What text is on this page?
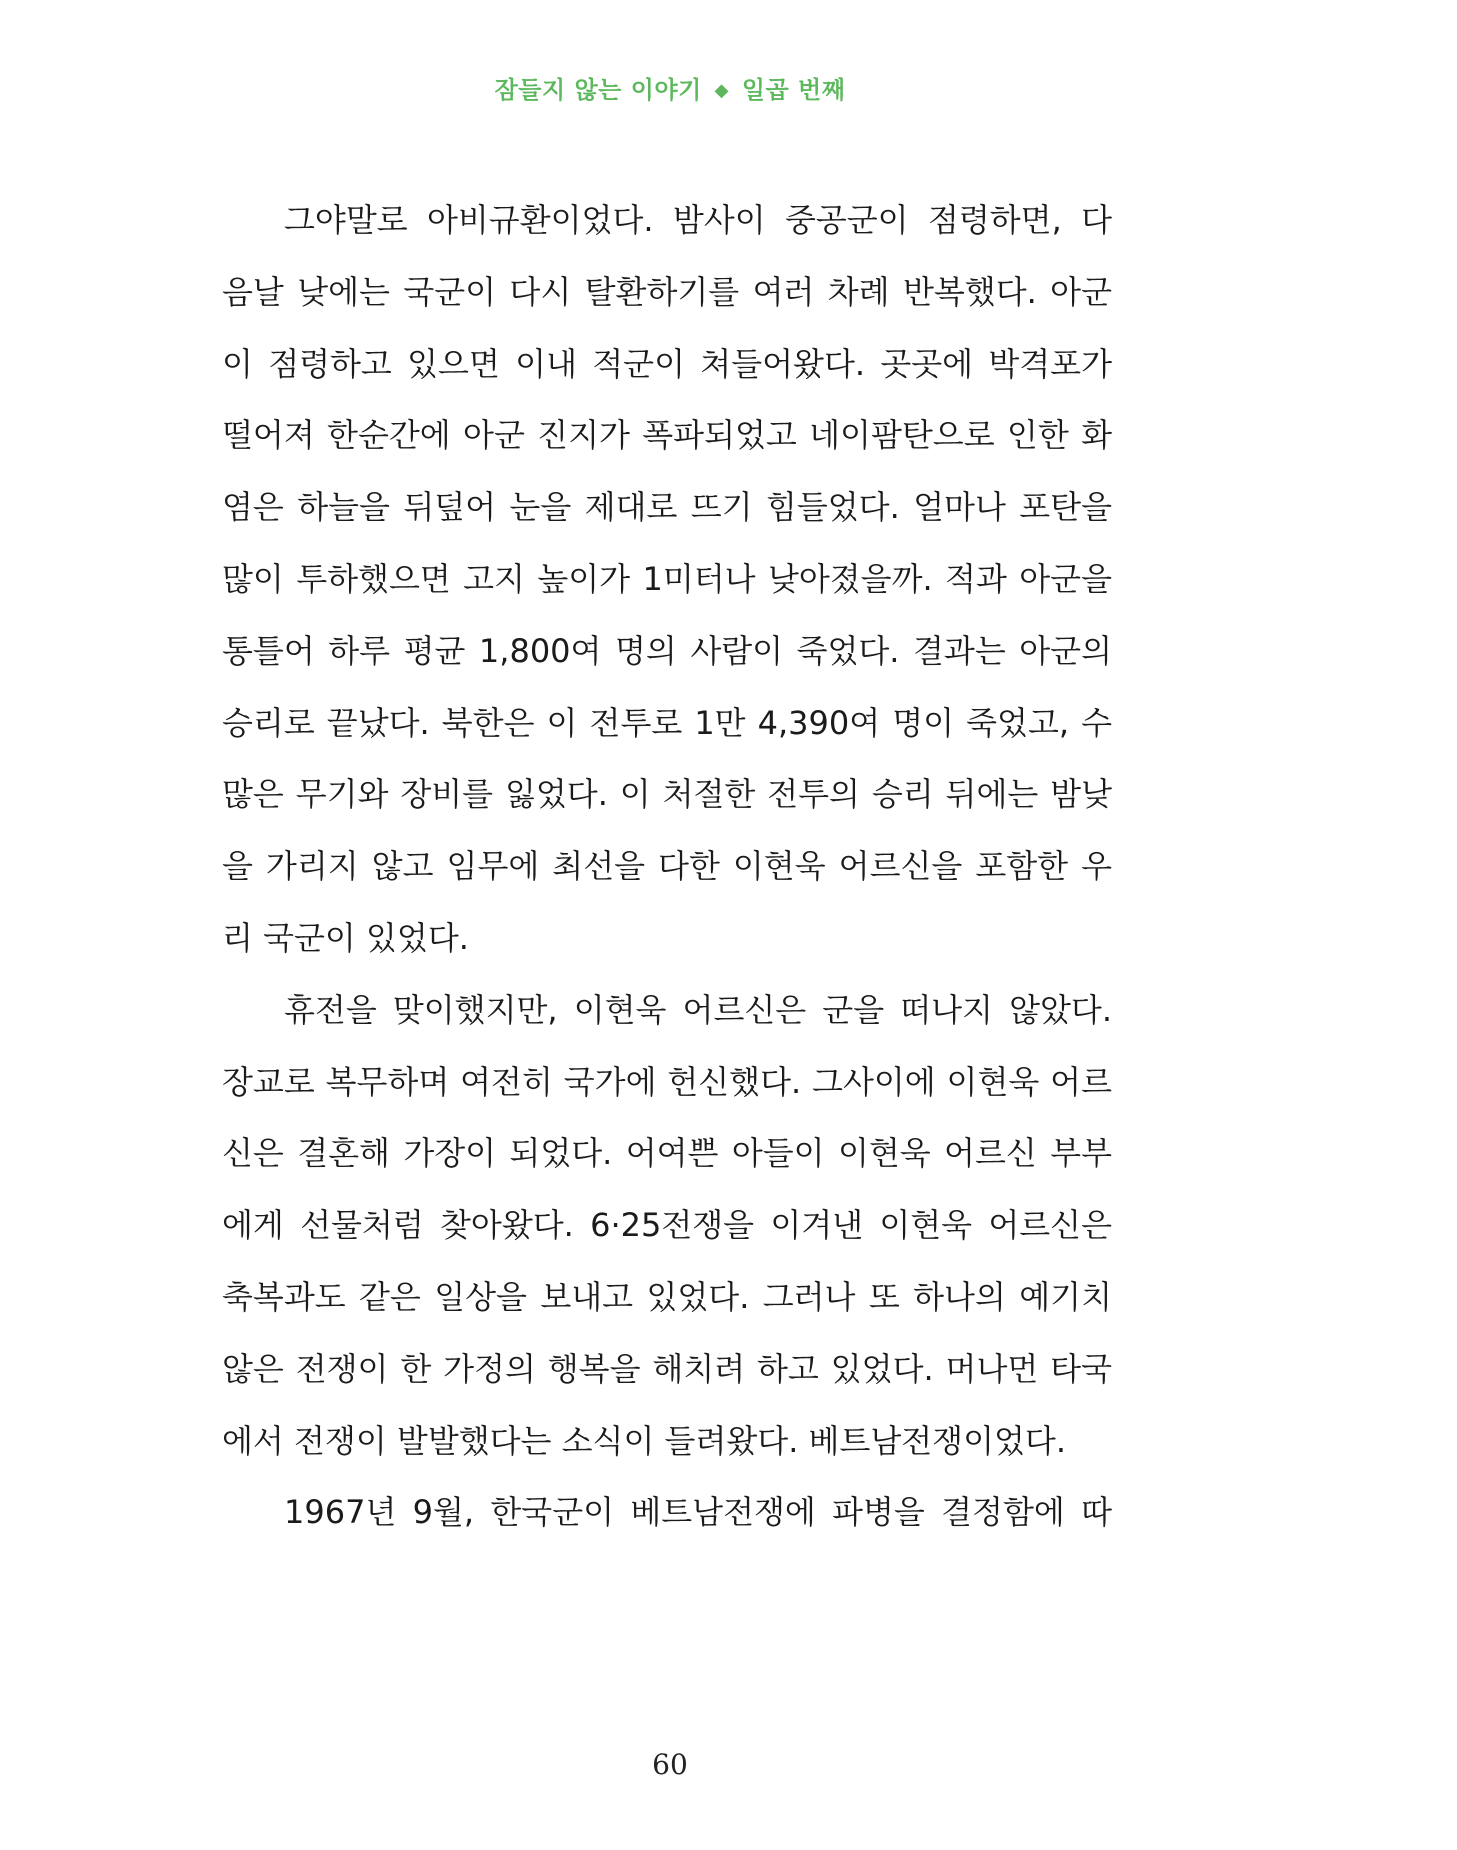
잠들지 않는 이야기 ◆ 일곱 번째
그야말로 아비규환이었다. 밤사이 중공군이 점령하면, 다
음날 낮에는 국군이 다시 탈환하기를 여러 차례 반복했다. 아군
이 점령하고 있으면 이내 적군이 쳐들어왔다. 곳곳에 박격포가
떨어져 한순간에 아군 진지가 폭파되었고 네이팜탄으로 인한 화
염은 하늘을 뒤덮어 눈을 제대로 뜨기 힘들었다. 얼마나 포탄을
많이 투하했으면 고지 높이가 1미터나 낮아졌을까. 적과 아군을
통틀어 하루 평균 1,800여 명의 사람이 죽었다. 결과는 아군의
승리로 끝났다. 북한은 이 전투로 1만 4,390여 명이 죽었고, 수
많은 무기와 장비를 잃었다. 이 처절한 전투의 승리 뒤에는 밤낮
을 가리지 않고 임무에 최선을 다한 이현욱 어르신을 포함한 우
리 국군이 있었다.
휴전을 맞이했지만, 이현욱 어르신은 군을 떠나지 않았다.
장교로 복무하며 여전히 국가에 헌신했다. 그사이에 이현욱 어르
신은 결혼해 가장이 되었다. 어여쁜 아들이 이현욱 어르신 부부
에게 선물처럼 찾아왔다. 6·25전쟁을 이겨낸 이현욱 어르신은
축복과도 같은 일상을 보내고 있었다. 그러나 또 하나의 예기치
않은 전쟁이 한 가정의 행복을 해치려 하고 있었다. 머나먼 타국
에서 전쟁이 발발했다는 소식이 들려왔다. 베트남전쟁이었다.
1967년 9월, 한국군이 베트남전쟁에 파병을 결정함에 따
60
